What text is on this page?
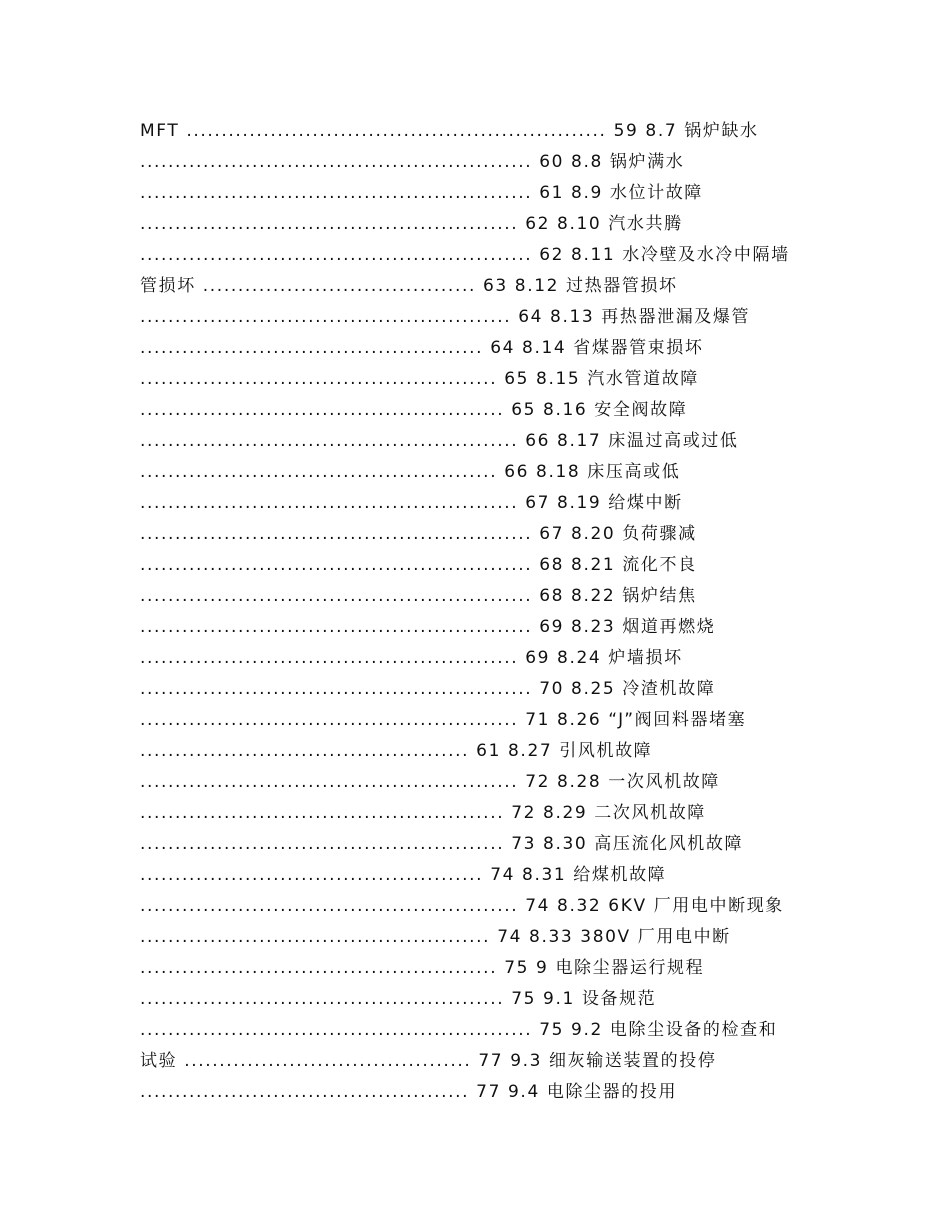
MFT ............................................................ 59 8.7 锅炉缺水
........................................................ 60 8.8 锅炉满水
........................................................ 61 8.9 水位计故障
...................................................... 62 8.10 汽水共腾
........................................................ 62 8.11 水冷壁及水冷中隔墙
管损坏 ....................................... 63 8.12 过热器管损坏
..................................................... 64 8.13 再热器泄漏及爆管
................................................. 64 8.14 省煤器管束损坏
................................................... 65 8.15 汽水管道故障
.................................................... 65 8.16 安全阀故障
...................................................... 66 8.17 床温过高或过低
................................................... 66 8.18 床压高或低
...................................................... 67 8.19 给煤中断
........................................................ 67 8.20 负荷骤减
........................................................ 68 8.21 流化不良
........................................................ 68 8.22 锅炉结焦
........................................................ 69 8.23 烟道再燃烧
...................................................... 69 8.24 炉墙损坏
........................................................ 70 8.25 冷渣机故障
...................................................... 71 8.26 “J”阀回料器堵塞
............................................... 61 8.27 引风机故障
...................................................... 72 8.28 一次风机故障
.................................................... 72 8.29 二次风机故障
.................................................... 73 8.30 高压流化风机故障
................................................. 74 8.31 给煤机故障
...................................................... 74 8.32 6KV 厂用电中断现象
.................................................. 74 8.33 380V 厂用电中断
................................................... 75 9 电除尘器运行规程
.................................................... 75 9.1 设备规范
........................................................ 75 9.2 电除尘设备的检查和
试验 ......................................... 77 9.3 细灰输送装置的投停
............................................... 77 9.4 电除尘器的投用
